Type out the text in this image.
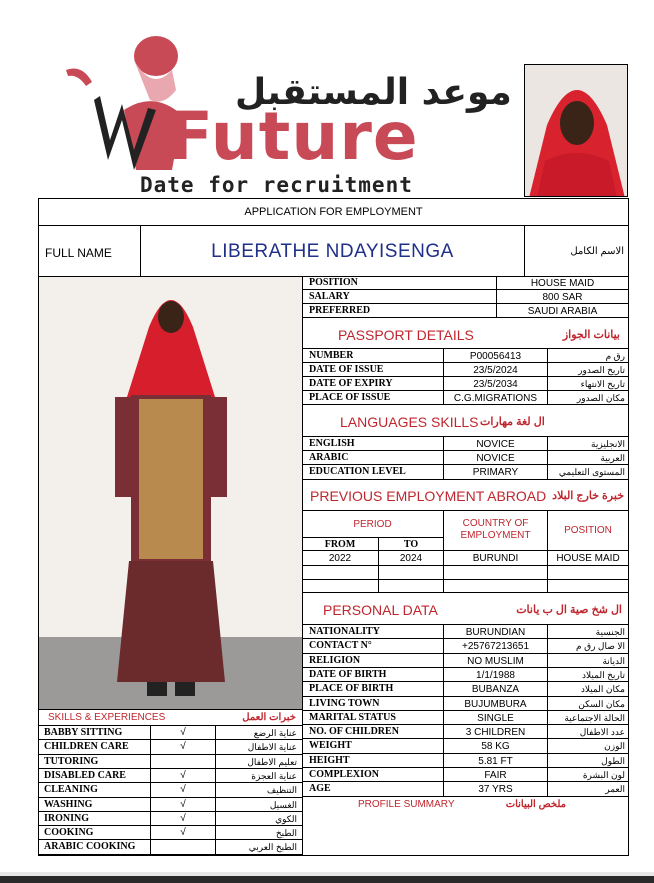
موعد المستقبل
Future
Date for recruitment
APPLICATION FOR EMPLOYMENT
FULL NAME	LIBERATHE NDAYISENGA	الاسم الكامل
POSITION	HOUSE MAID
SALARY	800 SAR
PREFERRED	SAUDI ARABIA
PASSPORT DETAILS	بيانات الجواز
NUMBER	P00056413	رق م
DATE OF ISSUE	23/5/2024	تاريخ الصدور
DATE OF EXPIRY	23/5/2034	تاريخ الانتهاء
PLACE OF ISSUE	C.G.MIGRATIONS	مكان الصدور
LANGUAGES SKILLS ال لغة مهارات
ENGLISH	NOVICE	الانجليزية
ARABIC	NOVICE	العربية
EDUCATION LEVEL	PRIMARY	المستوى التعليمي
PREVIOUS EMPLOYMENT ABROAD خبرة خارج البلاد
PERIOD	COUNTRY OF EMPLOYMENT	POSITION
FROM	TO
2022	2024	BURUNDI	HOUSE MAID
PERSONAL DATA	ال شخ صية ال ب يانات
PROFILE SUMMARY	ملخص البيانات
SKILLS & EXPERIENCES	خبرات العمل
NATIONALITY	BURUNDIAN	الجنسية
CONTACT N°	+25767213651	الا صال رق م
RELIGION	NO MUSLIM	الديانة
DATE OF BIRTH	1/1/1988	تاريخ الميلاد
PLACE OF BIRTH	BUBANZA	مكان الميلاد
LIVING TOWN	BUJUMBURA	مكان السكن
MARITAL STATUS	SINGLE	الحالة الاجتماعية
NO. OF CHILDREN	3 CHILDREN	عدد الاطفال
WEIGHT	58 KG	الوزن
HEIGHT	5.81 FT	الطول
COMPLEXION	FAIR	لون البشرة
AGE	37 YRS	العمر
BABBY SITTING	√	عناية الرضع
CHILDREN CARE	√	عناية الاطفال
TUTORING	تعليم الاطفال
DISABLED CARE	√	عناية العجزة
CLEANING	√	التنظيف
WASHING	√	الغسيل
IRONING	√	الكوي
COOKING	√	الطبخ
ARABIC COOKING	الطبخ العربي
